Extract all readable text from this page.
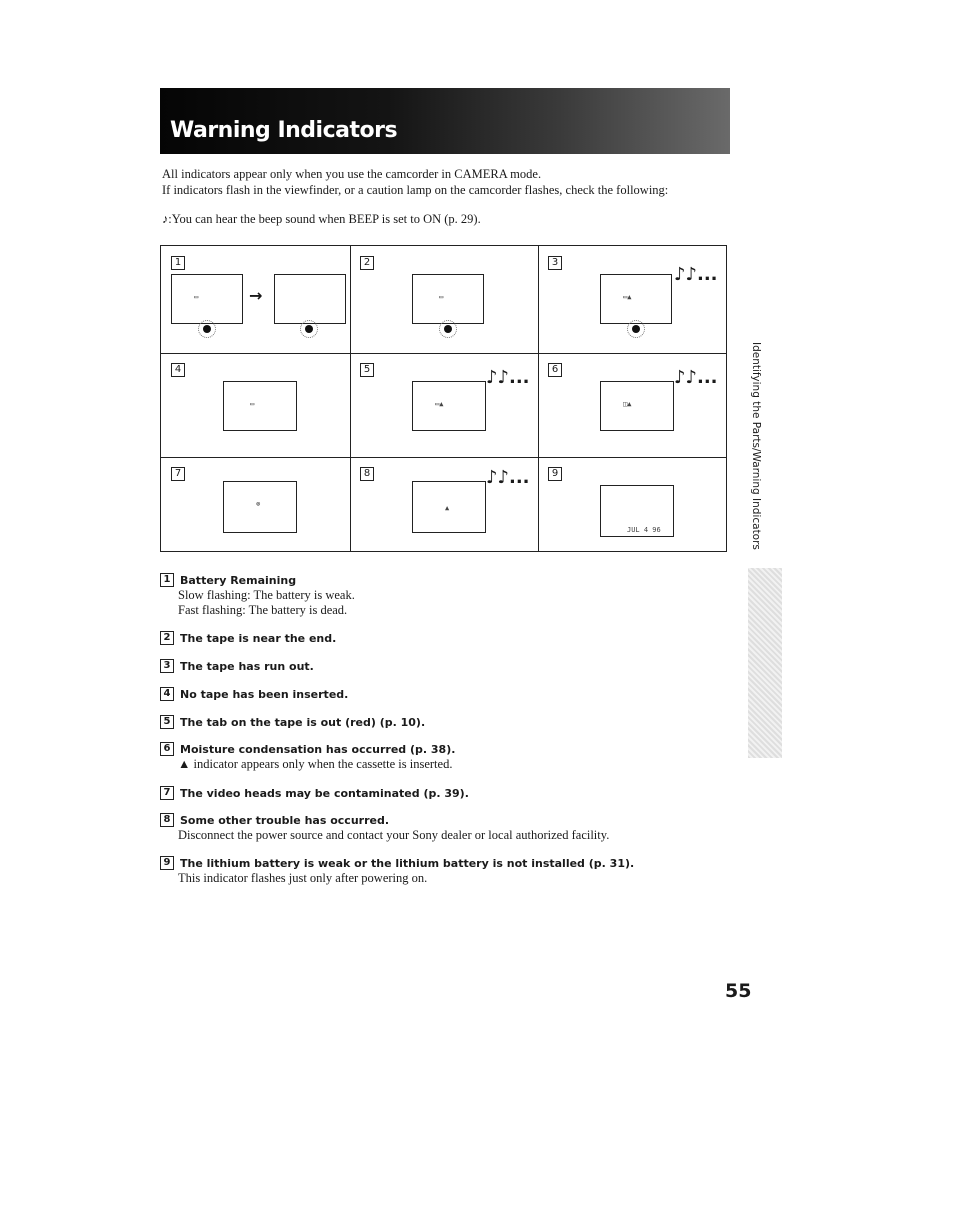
Warning Indicators
All indicators appear only when you use the camcorder in CAMERA mode.
If indicators flash in the viewfinder, or a caution lamp on the camcorder flashes, check the following:
♪:You can hear the beep sound when BEEP is set to ON (p. 29).
1
▭	→
2
▭
3
▭▲
♪♪...
4
▭
5
▭▲
♪♪...	6
◫▲
♪♪...
7
⊗
8
▲
♪♪...	9
JUL 4 96
1 Battery Remaining
Slow flashing: The battery is weak.
Fast flashing: The battery is dead.
2 The tape is near the end.
3 The tape has run out.
4 No tape has been inserted.
5 The tab on the tape is out (red) (p. 10).
6 Moisture condensation has occurred (p. 38).
▲ indicator appears only when the cassette is inserted.
7 The video heads may be contaminated (p. 39).
8 Some other trouble has occurred.
Disconnect the power source and contact your Sony dealer or local authorized facility.
9 The lithium battery is weak or the lithium battery is not installed (p. 31).
This indicator flashes just only after powering on.
Identifying the Parts/Warning Indicators
55
